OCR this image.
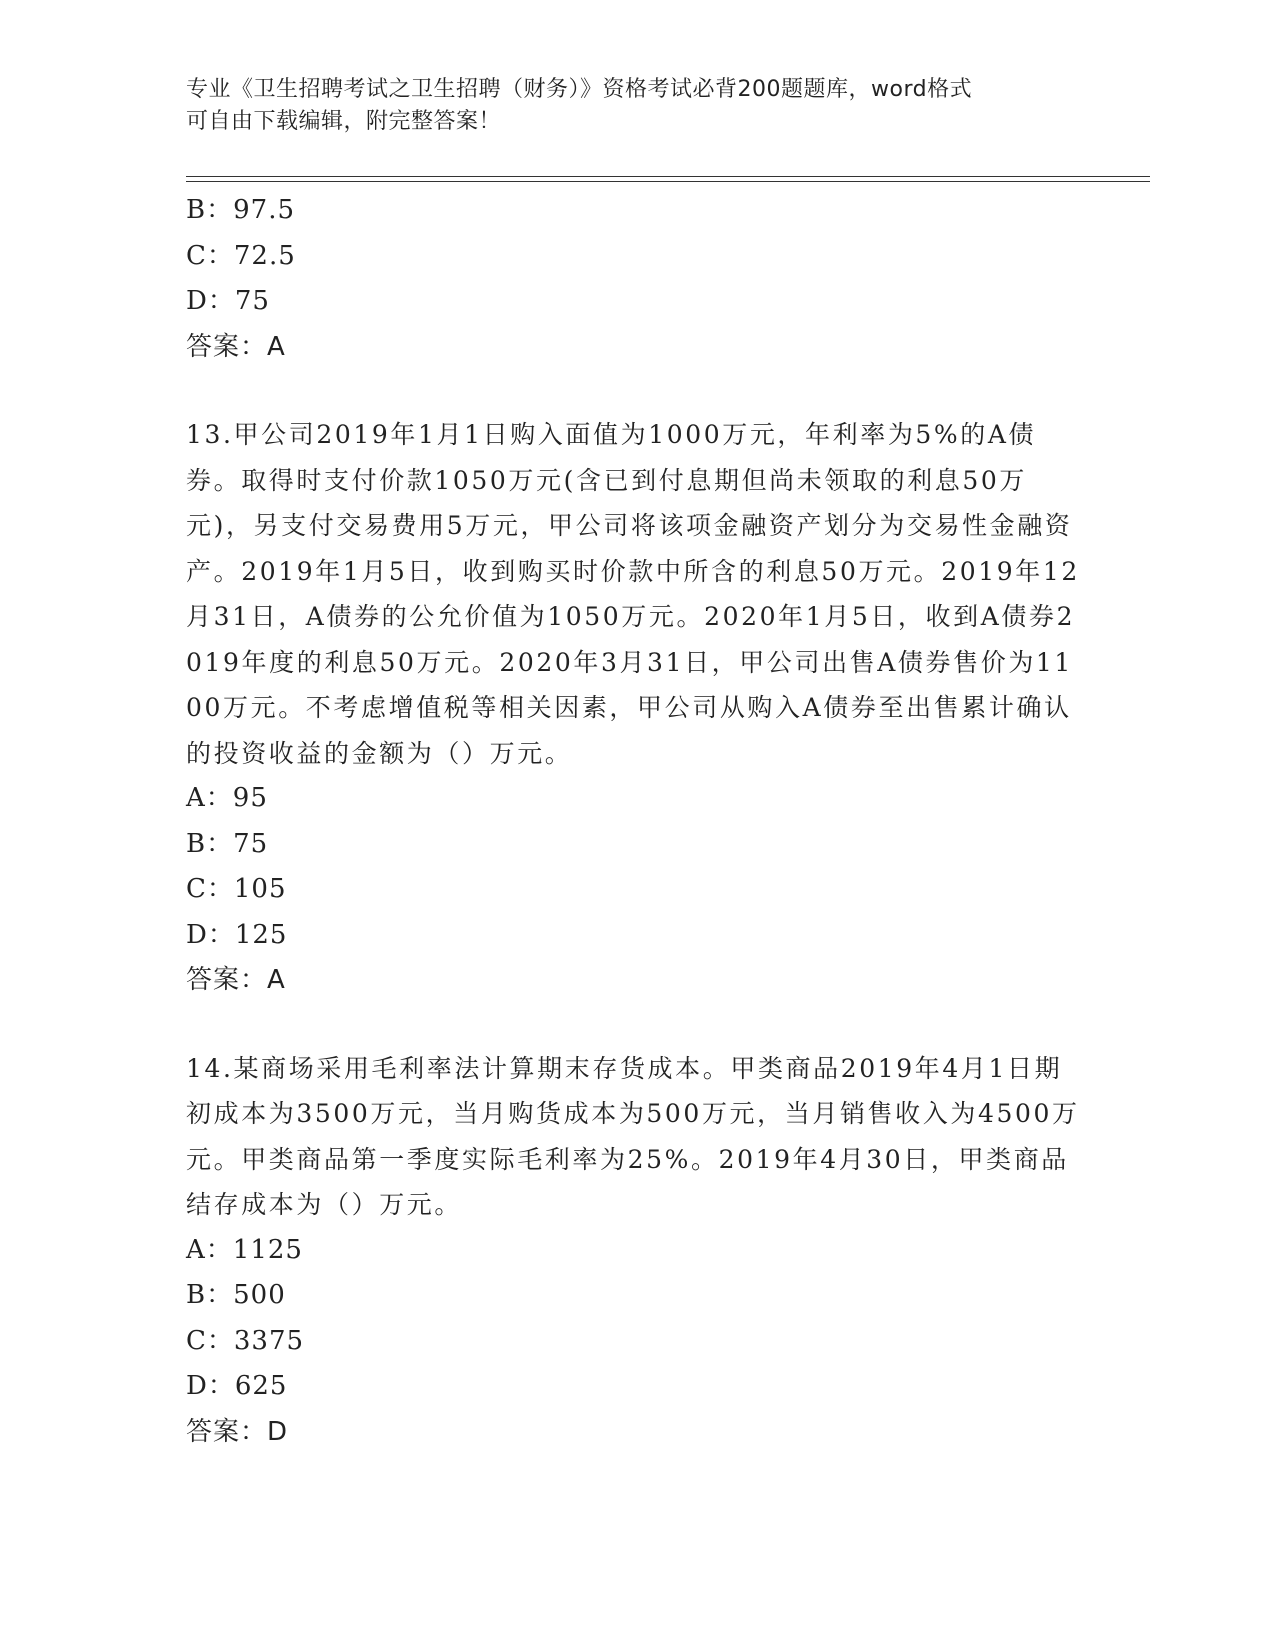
专业《卫生招聘考试之卫生招聘（财务）》资格考试必背200题题库，word格式
可自由下载编辑，附完整答案！
B：97.5
C：72.5
D：75
答案：A
13.甲公司2019年1月1日购入面值为1000万元，年利率为5%的A债券。取得时支付价款1050万元(含已到付息期但尚未领取的利息50万元)，另支付交易费用5万元，甲公司将该项金融资产划分为交易性金融资产。2019年1月5日，收到购买时价款中所含的利息50万元。2019年12月31日，A债券的公允价值为1050万元。2020年1月5日，收到A债券2019年度的利息50万元。2020年3月31日，甲公司出售A债券售价为1100万元。不考虑增值税等相关因素，甲公司从购入A债券至出售累计确认的投资收益的金额为（）万元。
A：95
B：75
C：105
D：125
答案：A
14.某商场采用毛利率法计算期末存货成本。甲类商品2019年4月1日期初成本为3500万元，当月购货成本为500万元，当月销售收入为4500万元。甲类商品第一季度实际毛利率为25%。2019年4月30日，甲类商品结存成本为（）万元。
A：1125
B：500
C：3375
D：625
答案：D
